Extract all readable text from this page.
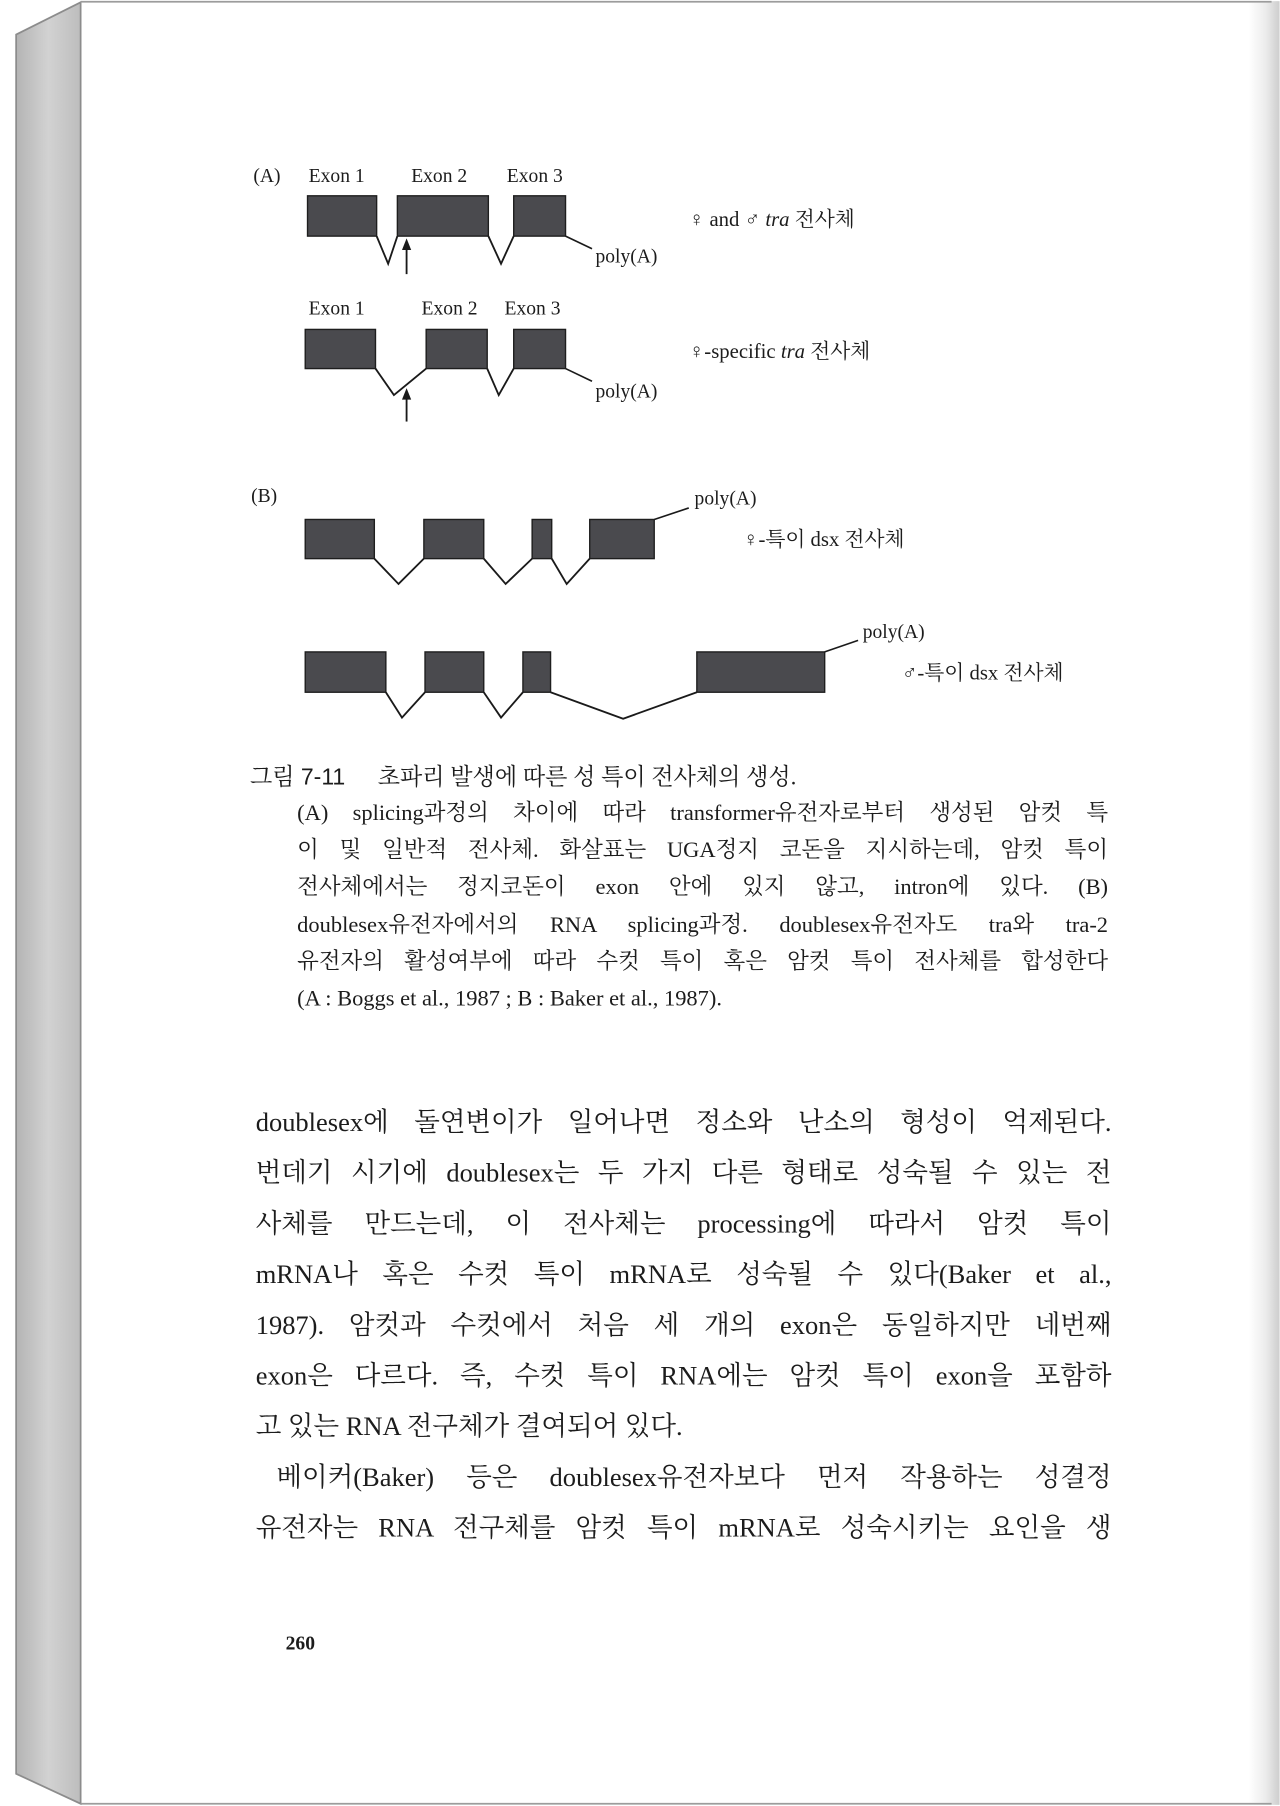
(A) Exon 1	Exon 2 Exon 3
poly(A)
♀ and ♂ tra 전사체
Exon 1	Exon 2 Exon 3
poly(A)
♀-specific tra 전사체
(B)	poly(A)
♀-특이 dsx 전사체
poly(A)
♂-특이 dsx 전사체
그림 7-11 초파리 발생에 따른 성 특이 전사체의 생성.
(A) splicing과정의 차이에 따라 transformer유전자로부터 생성된 암컷 특
이 및 일반적 전사체. 화살표는 UGA정지 코돈을 지시하는데, 암컷 특이
전사체에서는 정지코돈이 exon 안에 있지 않고, intron에 있다. (B)
doublesex유전자에서의 RNA splicing과정. doublesex유전자도 tra와 tra-2
유전자의 활성여부에 따라 수컷 특이 혹은 암컷 특이 전사체를 합성한다
(A : Boggs et al., 1987 ; B : Baker et al., 1987).
doublesex에 돌연변이가 일어나면 정소와 난소의 형성이 억제된다.
번데기 시기에 doublesex는 두 가지 다른 형태로 성숙될 수 있는 전
사체를 만드는데, 이 전사체는 processing에 따라서 암컷 특이
mRNA나 혹은 수컷 특이 mRNA로 성숙될 수 있다(Baker et al.,
1987). 암컷과 수컷에서 처음 세 개의 exon은 동일하지만 네번째
exon은 다르다. 즉, 수컷 특이 RNA에는 암컷 특이 exon을 포함하
고 있는 RNA 전구체가 결여되어 있다.
베이커(Baker) 등은 doublesex유전자보다 먼저 작용하는 성결정
유전자는 RNA 전구체를 암컷 특이 mRNA로 성숙시키는 요인을 생
260
